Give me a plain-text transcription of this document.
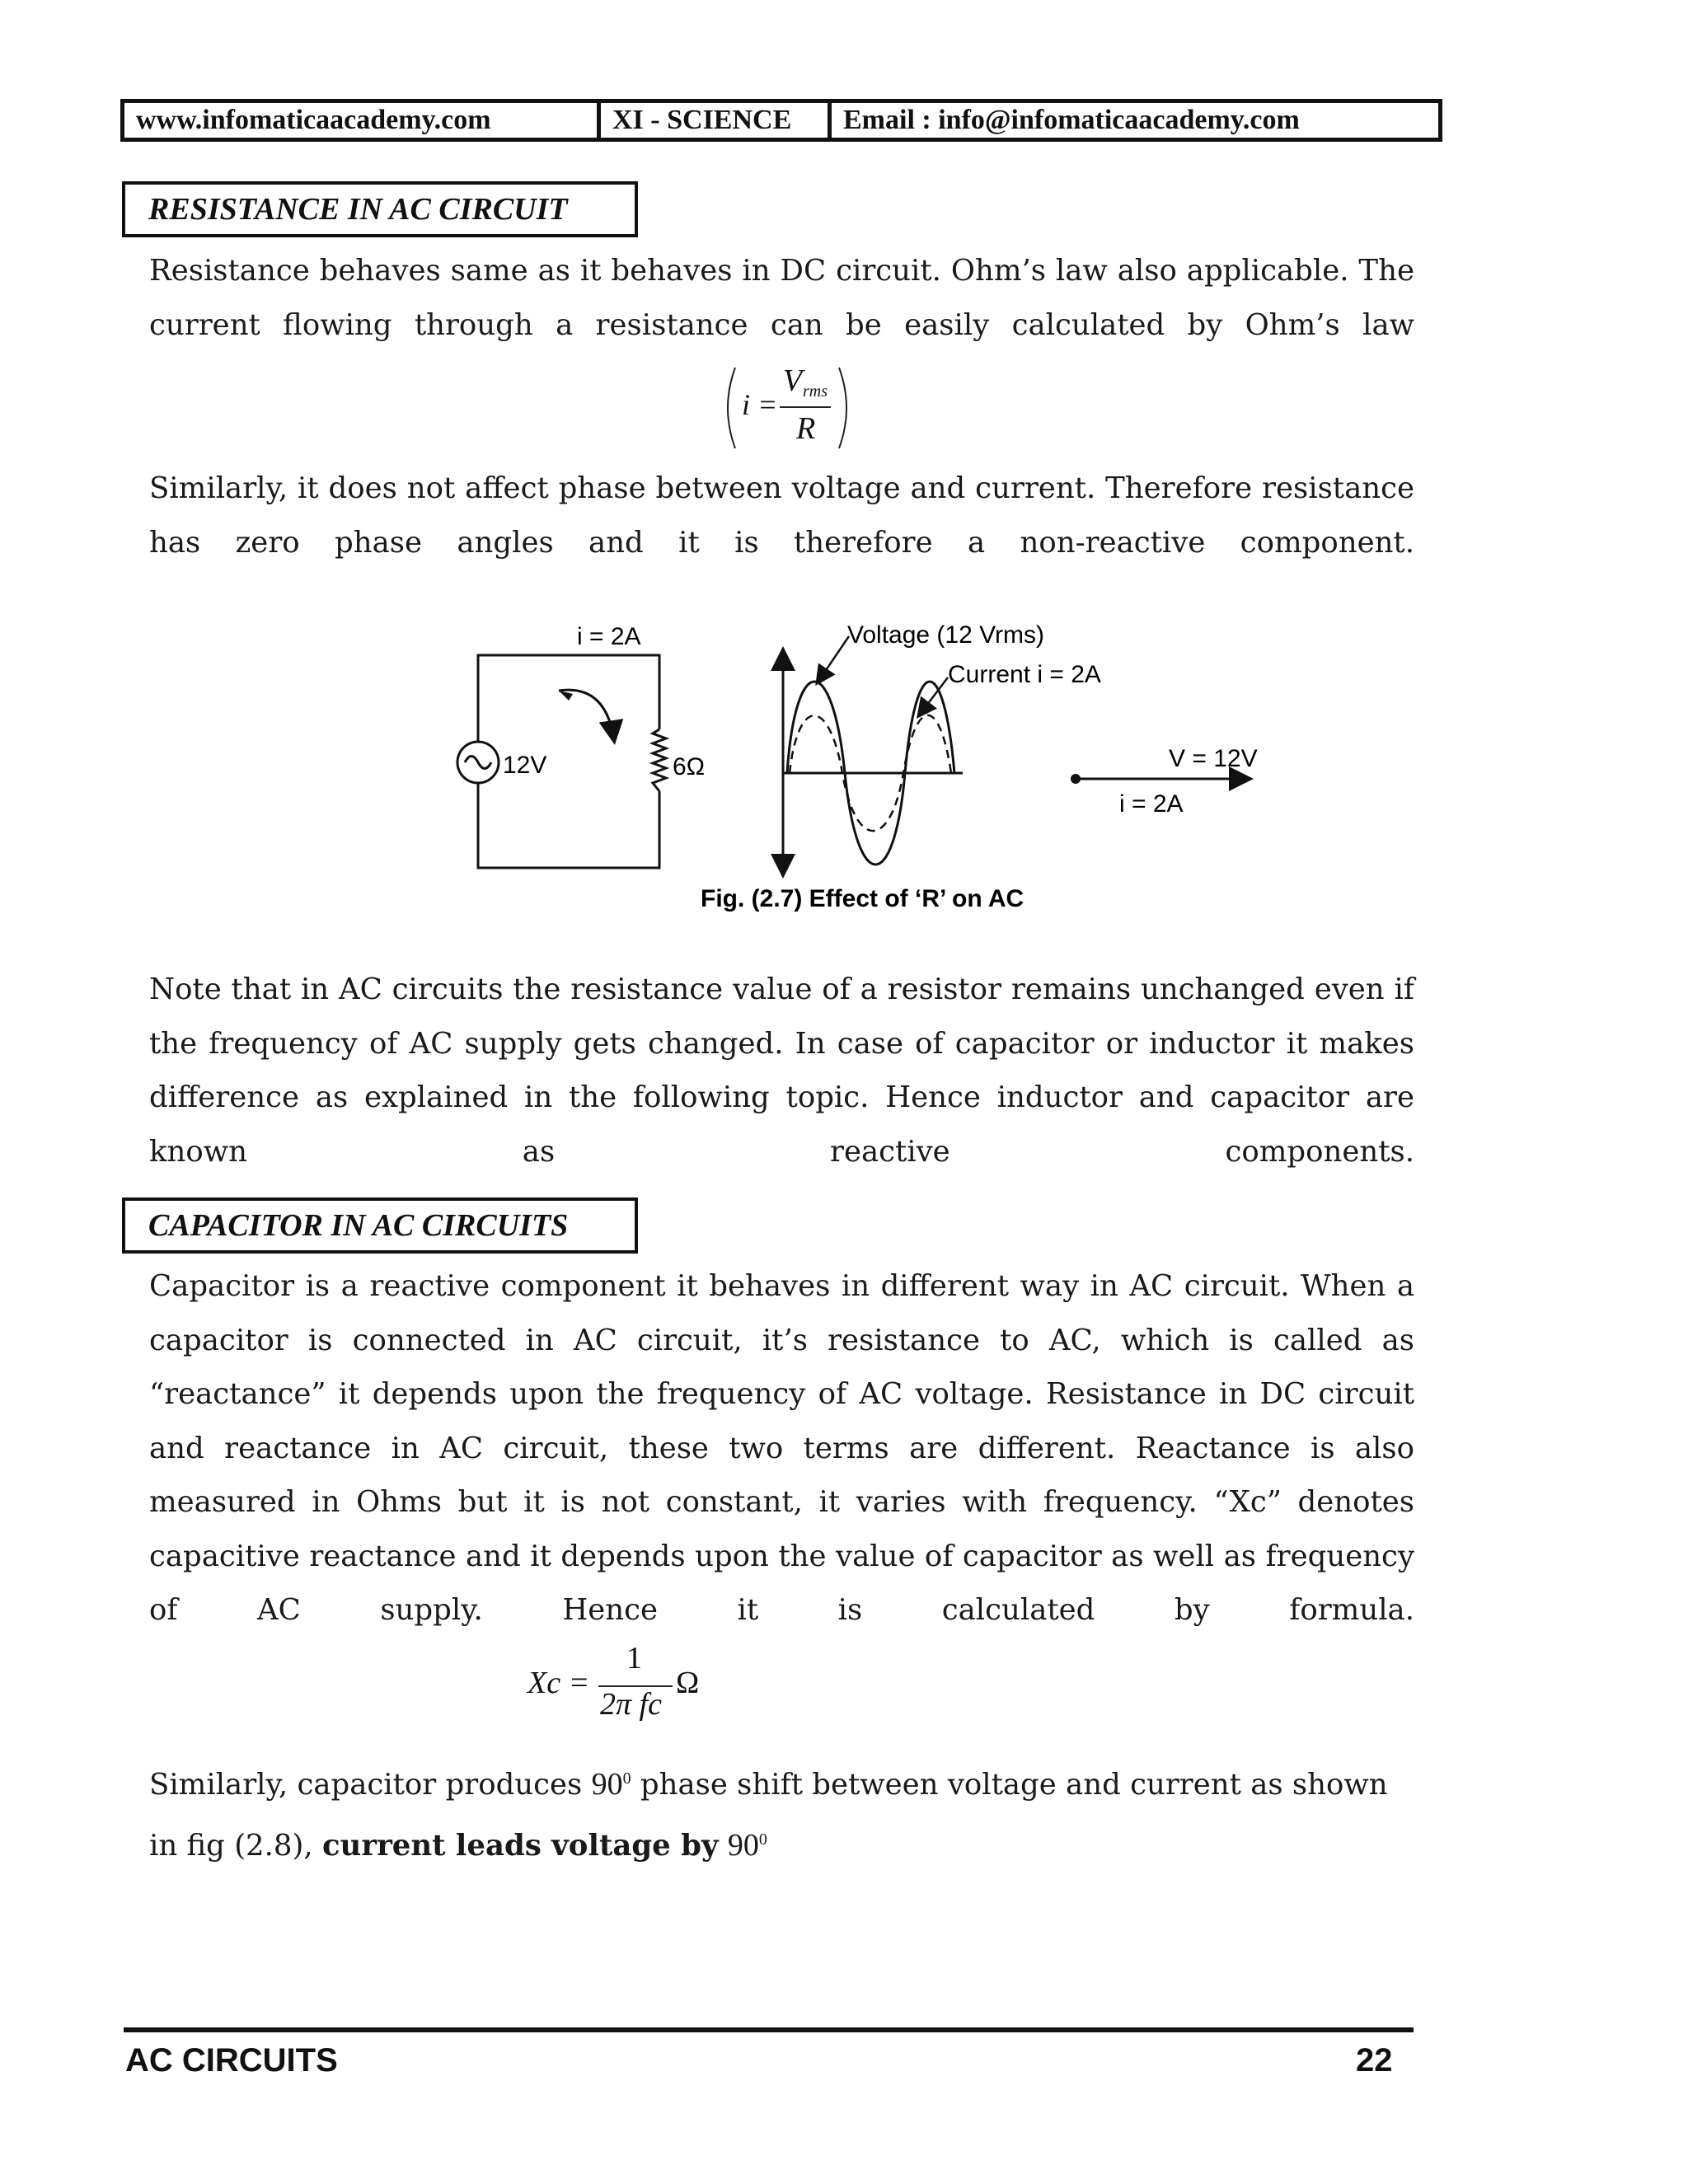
www.infomaticaacademy.com	XI - SCIENCE	Email : info@infomaticaacademy.com
RESISTANCE IN AC CIRCUIT

Resistance behaves same as it behaves in DC circuit. Ohm’s law also applicable. The current flowing through a resistance can be easily calculated by Ohm’s law

i =
V rms
R

Similarly, it does not affect phase between voltage and current. Therefore resistance has zero phase angles and it is therefore a non-reactive component.

i = 2A
12V	6Ω
Voltage (12 Vrms)
Current i = 2A
V = 12V
i = 2A
Fig. (2.7) Effect of ‘R’ on AC

Note that in AC circuits the resistance value of a resistor remains unchanged even if the frequency of AC supply gets changed. In case of capacitor or inductor it makes difference as explained in the following topic. Hence inductor and capacitor are known as reactive components.

CAPACITOR IN AC CIRCUITS

Capacitor is a reactive component it behaves in different way in AC circuit. When a capacitor is connected in AC circuit, it’s resistance to AC, which is called as “reactance” it depends upon the frequency of AC voltage. Resistance in DC circuit and reactance in AC circuit, these two terms are different. Reactance is also measured in Ohms but it is not constant, it varies with frequency. “Xc” denotes capacitive reactance and it depends upon the value of capacitor as well as frequency of AC supply. Hence it is calculated by formula.

Xc =
1
2π fc
Ω
Similarly, capacitor produces $90^0$ phase shift between voltage and current as shown
in fig (2.8), current leads voltage by $90^0$
AC CIRCUITS	22
